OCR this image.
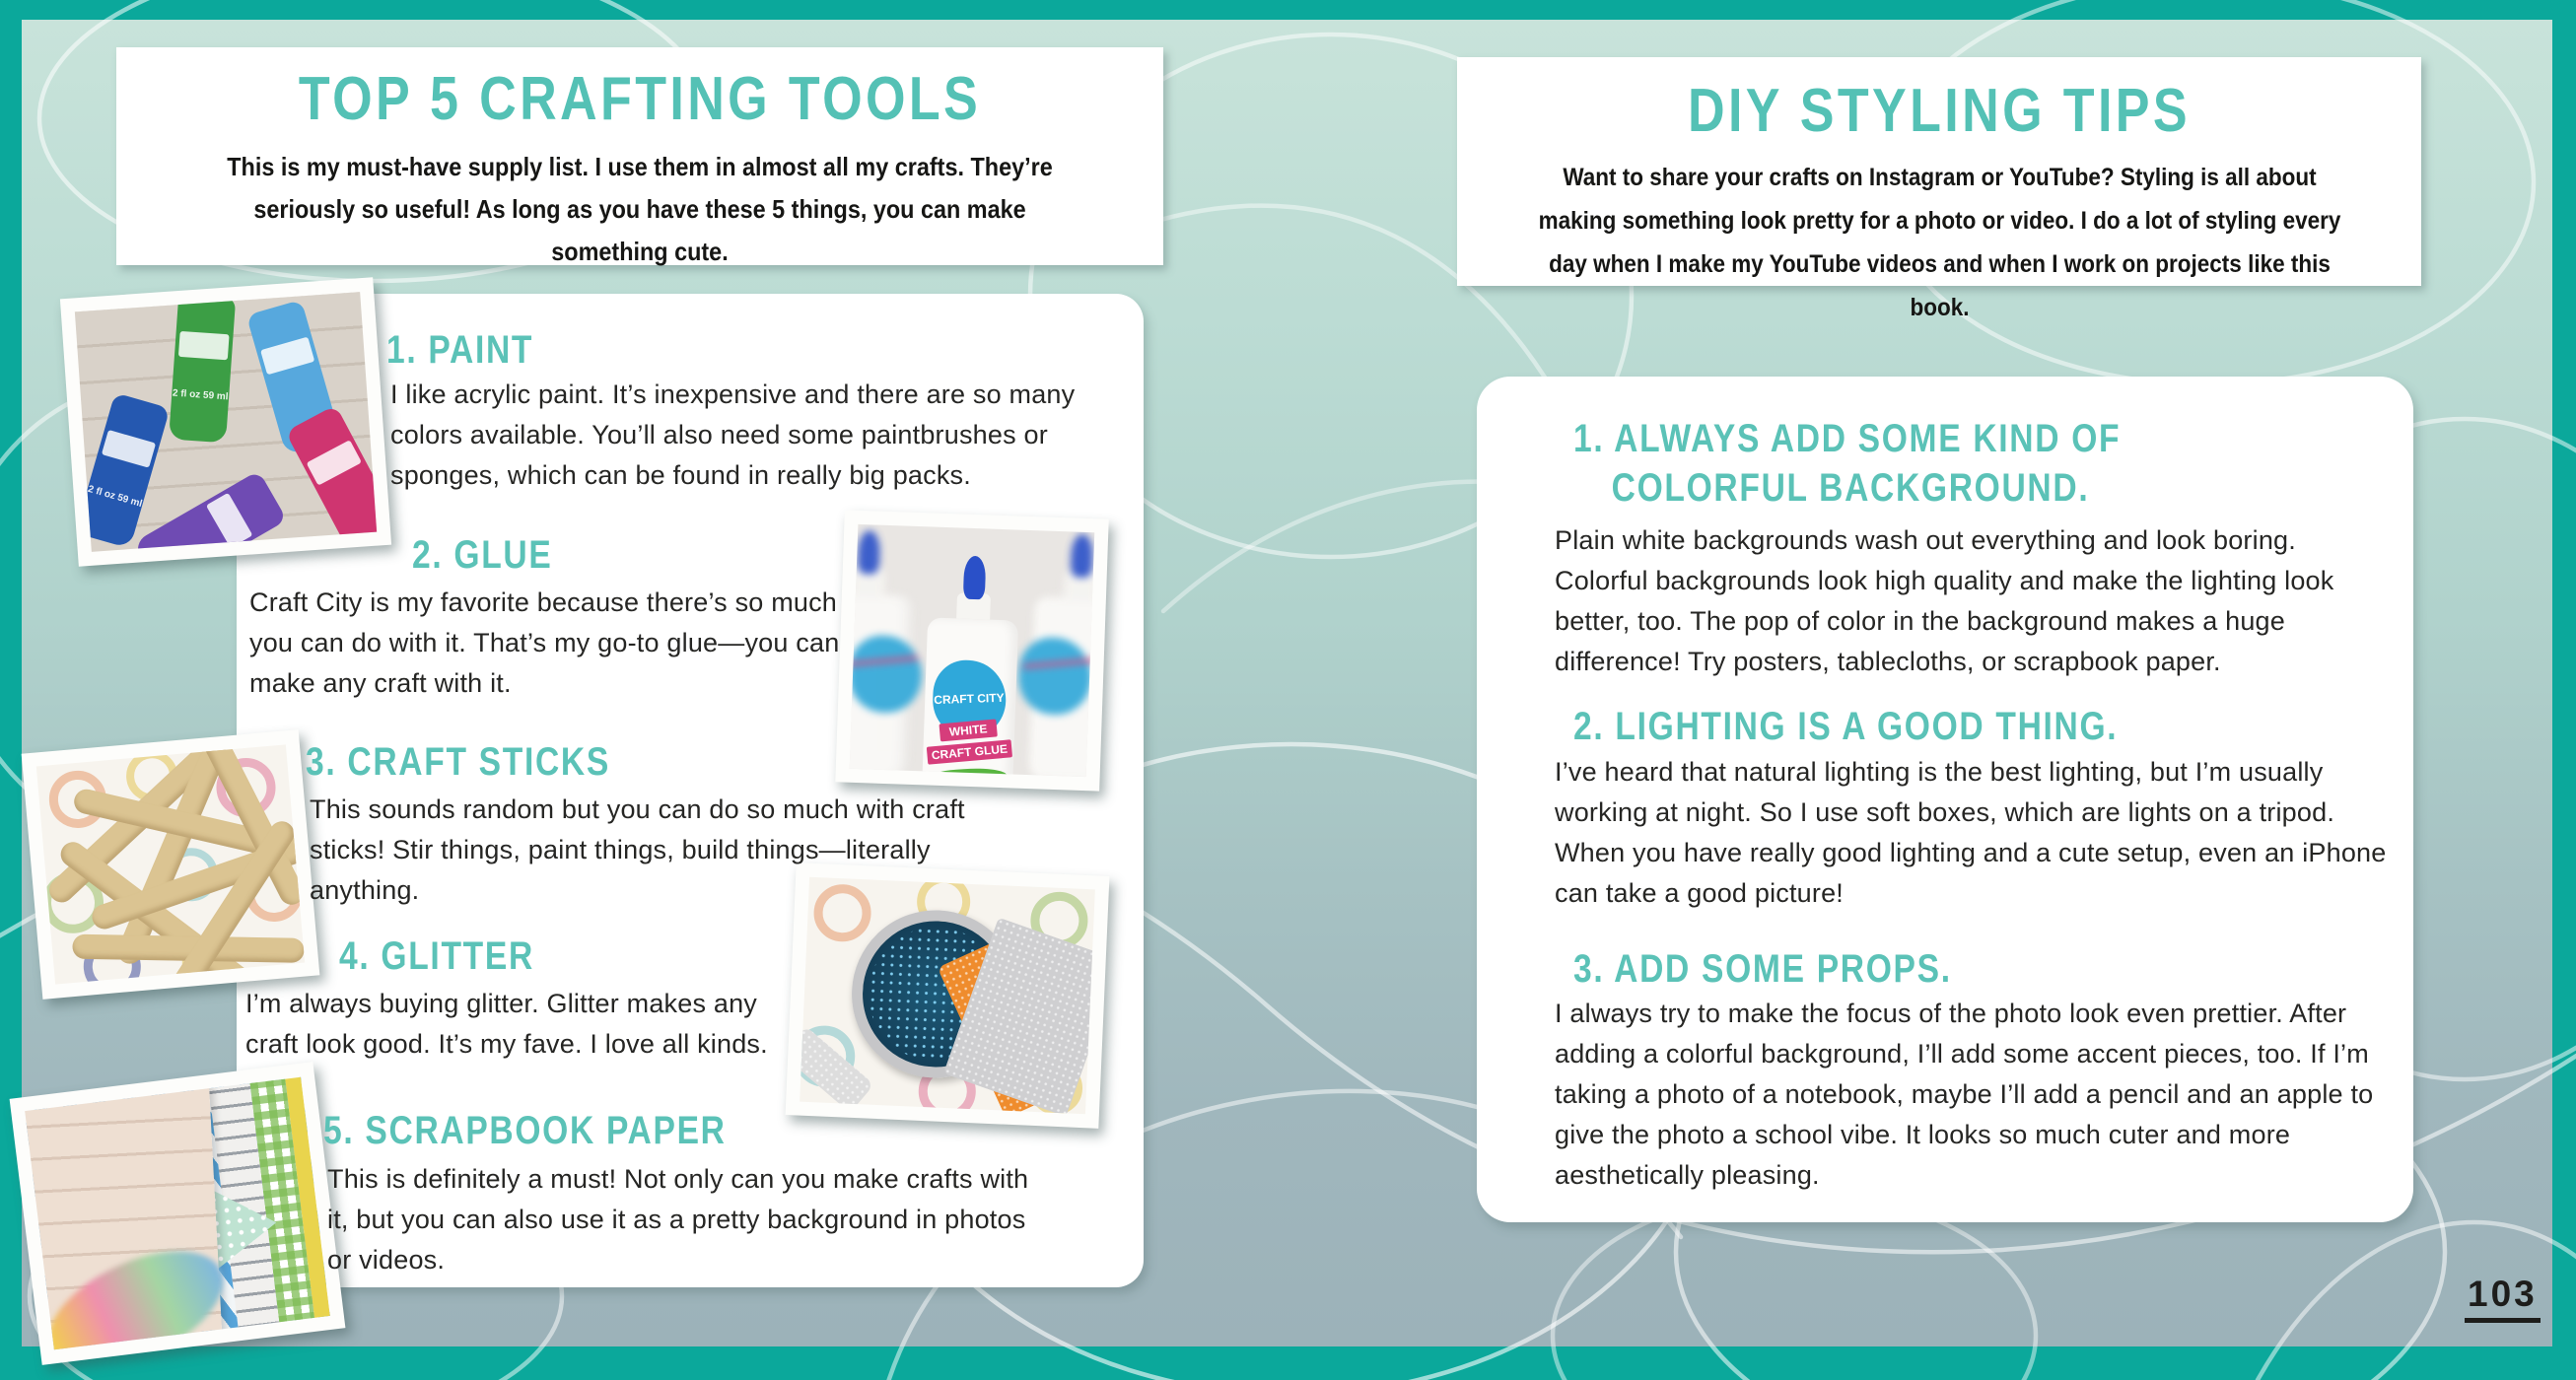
TOP 5 CRAFTING TOOLS
This is my must-have supply list. I use them in almost all my crafts. They’re seriously so useful! As long as you have these 5 things, you can make something cute.
1. PAINT
I like acrylic paint. It’s inexpensive and there are so many colors available. You’ll also need some paintbrushes or sponges, which can be found in really big packs.
2. GLUE
Craft City is my favorite because there’s so much you can do with it. That’s my go-to glue—you can make any craft with it.
3. CRAFT STICKS
This sounds random but you can do so much with craft sticks! Stir things, paint things, build things—literally anything.
4. GLITTER
I’m always buying glitter. Glitter makes any craft look good. It’s my fave. I love all kinds.
5. SCRAPBOOK PAPER
This is definitely a must! Not only can you make crafts with it, but you can also use it as a pretty background in photos or videos.
2 fl oz 59 ml
2 fl oz 59 ml
CRAFT CITY
WHITE
CRAFT GLUE
DIY STYLING TIPS
Want to share your crafts on Instagram or YouTube? Styling is all about making something look pretty for a photo or video. I do a lot of styling every day when I make my YouTube videos and when I work on projects like this book.
1. ALWAYS ADD SOME KIND OF COLORFUL BACKGROUND.
Plain white backgrounds wash out everything and look boring. Colorful backgrounds look high quality and make the lighting look better, too. The pop of color in the background makes a huge difference! Try posters, tablecloths, or scrapbook paper.
2. LIGHTING IS A GOOD THING.
I’ve heard that natural lighting is the best lighting, but I’m usually working at night. So I use soft boxes, which are lights on a tripod. When you have really good lighting and a cute setup, even an iPhone can take a good picture!
3. ADD SOME PROPS.
I always try to make the focus of the photo look even prettier. After adding a colorful background, I’ll add some accent pieces, too. If I’m taking a photo of a notebook, maybe I’ll add a pencil and an apple to give the photo a school vibe. It looks so much cuter and more aesthetically pleasing.
103
